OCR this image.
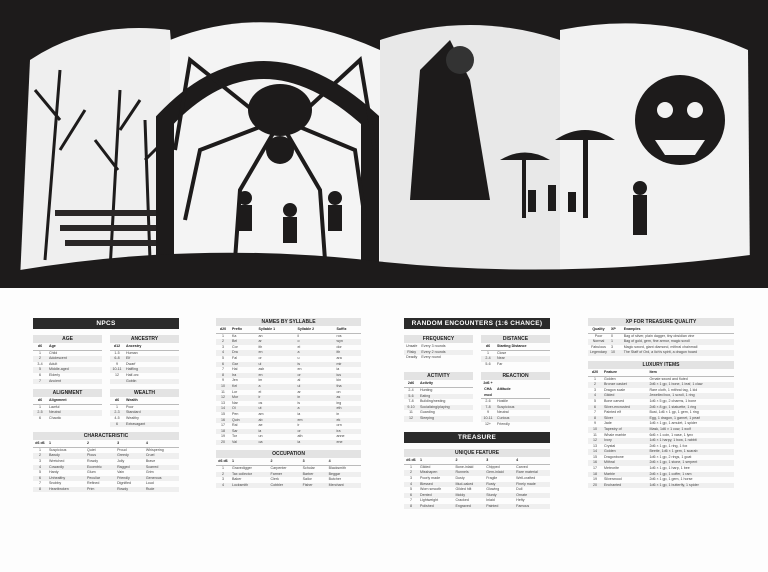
NPCS
AGE
d6	Age
1	Child
2	Adolescent
3-4	Adult
5	Middle-aged
6	Elderly
7	Ancient
ANCESTRY
d12	Ancestry
1-5	Human
6-8	Elf
9	Dwarf
10-11	Halfling
12	Half-orc
	Goblin
ALIGNMENT
d6	Alignment
1	Lawful
2-5	Neutral
6	Chaotic
WEALTH
d6	Wealth
1	Poor
2-3	Standard
4-5	Wealthy
6	Extravagant
CHARACTERISTIC
d6 d6	1	2	3	4
1	Suspicious	Quiet	Proud	Whispering
2	Bawdy	Pious	Greedy	Cruel
3	Wretched	Rowdy	Jolly	Brave
4	Cowardly	Eccentric	Ragged	Scarred
5	Hardy	Glum	Vain	Grim
6	Unhealthy	Peculiar	Friendly	Generous
7	Snobby	Refined	Dignified	Loud
8	Heartbroken	Prim	Rowdy	Rude
NAMES BY SYLLABLE
d20	Prefix	Syllable 1	Syllable 2	Suffix
1	Ka	an	il	ros
2	Bel	ar	o	wyn
3	Cor	ith	el	dor
4	Dra	en	a	ith
5	Fal	or	u	ara
6	Gar	ul	is	mir
7	Hal	ash	en	ia
8	Ira	en	or	ius
9	Jen	im	al	kin
10	Kel	a	ul	tha
11	Lor	el	ar	on
12	Mor	ir	in	as
13	Nar	os	is	ing
14	Ol	ut	a	eth
15	Pen	am	ia	in
16	Quin	ab	em	ek
17	Ral	ae	ir	orn
18	Sar	ia	or	ira
19	Tor	un	ath	anne
20	Val	oa	ia	ene
OCCUPATION
d6 d6	1	2	3	4
1	Gravedigger	Carpenter	Scholar	Blacksmith
2	Tax collector	Farmer	Barber	Beggar
3	Baker	Clerk	Sailor	Butcher
4	Locksmith	Cobbler	Fisher	Merchant
RANDOM ENCOUNTERS (1:6 CHANCE)
FREQUENCY
Unsafe	Every 3 rounds
Risky	Every 2 rounds
Deadly	Every round
DISTANCE
d6	Starting Distance
1	Close
2-4	Near
5-6	Far
ACTIVITY
2d6	Activity
2-4	Hunting
5-6	Eating
7-8	Building/nesting
9-10	Socializing/playing
11	Guarding
12	Sleeping
REACTION
2d6 + CHA mod	Attitude
2-6	Hostile
7-8	Suspicious
9	Neutral
10-11	Curious
12+	Friendly
TREASURE
UNIQUE FEATURE
d6 d6	1	2	3	4
1	Gilded	Bone-inlaid	Chipped	Carved
2	Misshapen	Runnels	Gem-inlaid	Rare material
3	Poorly made	Dusty	Fragile	Well-crafted
4	Blessed	Mud-caked	Rusty	Finely made
5	Worn smooth	Gilded hilt	Glowing	Dull
6	Dented	Moldy	Sturdy	Ornate
7	Lightweight	Cracked	Inlaid	Hefty
8	Polished	Engraved	Painted	Famous
XP FOR TREASURE QUALITY
Quality	XP	Examples
Poor	0	Bag of silver, plain dagger, tiny obsidian vine
Normal	1	Bag of gold, gem, fine armor, magic scroll
Fabulous	3	Magic sword, giant diamond, mithral chainmail
Legendary	10	The Staff of Ord, a lich's spirit, a dragon hoard
LUXURY ITEMS
d20	Feature	Item
1	Golden	Ornate sword and fluted
2	Bronze casket	2d6 × 1 gp, 1 bone, 1 leaf, 1 claw
3	Dragon scale	Rare cloth, 1 mithral tag, 1 kid
4	Gilded	Jewelled box, 1 scroll, 1 ring
5	Bone carved	1d6 × 5 gp, 2 charms, 1 bone
6	Silver-encrusted	2d6 × 8 gp, 1 statuette, 1 ring
7	Painted elf	Bust, 1d6 × 1 gp, 1 gem, 1 ring
8	Silver	Egg, 1 dragon, 1 garnet, 1 pearl
9	Jade	1d6 × 1 gp, 1 amulet, 1 spider
10	Tapestry of	Mask, 1d6 × 1 cow, 1 wolf
11	Whale marble	6d6 × 1 coin, 1 vase, 1 lynx
12	Ivory	1d6 × 1 harpy, 1 bow, 1 rabbit
13	Crystal	2d6 × 1 gp, 1 ring, 1 fox
14	Golden	Beetle, 1d6 × 1 gem, 1 scarab
15	Dragonbone	1d6 × 1 gp, 2 rings, 1 goat
16	Mithral	2d6 × 1 gp, 1 stone, 1 serpent
17	Meteorite	1d6 × 1 gp, 1 harp, 1 bee
18	Marble	2d6 × 1 gp, 1 coffer, 1 ram
19	Silverwood	2d6 × 1 gp, 1 gem, 1 horse
20	Enchanted	1d6 × 1 gp, 1 butterfly, 1 spider
